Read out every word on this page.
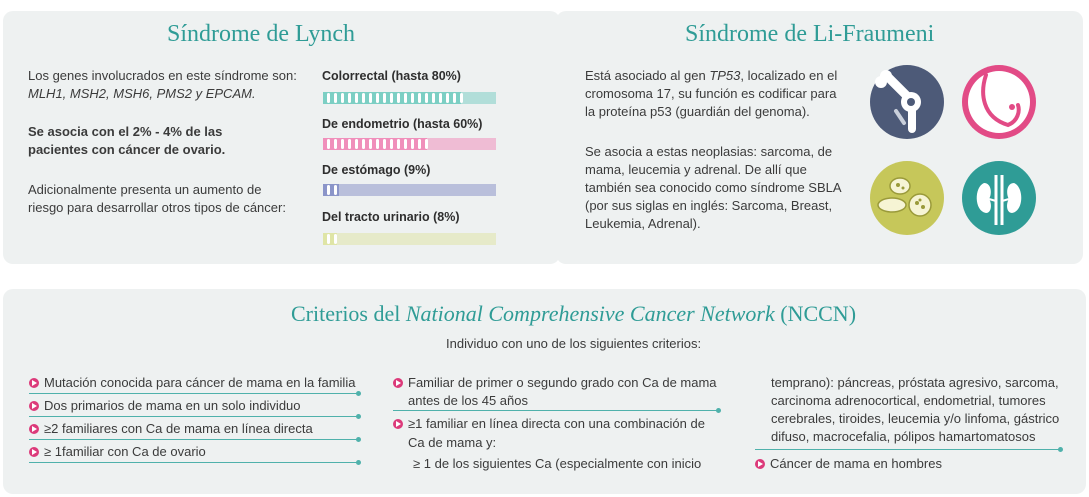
Síndrome de Lynch
Los genes involucrados en este síndrome son:
MLH1, MSH2, MSH6, PMS2 y EPCAM.
Se asocia con el 2% - 4% de las
pacientes con cáncer de ovario.
Adicionalmente presenta un aumento de
riesgo para desarrollar otros tipos de cáncer:
Colorrectal (hasta 80%)
De endometrio (hasta 60%)
De estómago (9%)
Del tracto urinario (8%)
Síndrome de Li-Fraumeni
Está asociado al gen TP53, localizado en el
cromosoma 17, su función es codificar para
la proteína p53 (guardián del genoma).
Se asocia a estas neoplasias: sarcoma, de
mama, leucemia y adrenal. De allí que
también sea conocido como síndrome SBLA
(por sus siglas en inglés: Sarcoma, Breast,
Leukemia, Adrenal).
Criterios del National Comprehensive Cancer Network (NCCN)
Individuo con uno de los siguientes criterios:
Mutación conocida para cáncer de mama en la familia
Dos primarios de mama en un solo individuo
≥2 familiares con Ca de mama en línea directa
≥ 1familiar con Ca de ovario
Familiar de primer o segundo grado con Ca de mama
antes de los 45 años
≥1 familiar en línea directa con una combinación de
Ca de mama y:
≥ 1 de los siguientes Ca (especialmente con inicio
temprano): páncreas, próstata agresivo, sarcoma,
carcinoma adrenocortical, endometrial, tumores
cerebrales, tiroides, leucemia y/o linfoma, gástrico
difuso, macrocefalia, pólipos hamartomatosos
Cáncer de mama en hombres
